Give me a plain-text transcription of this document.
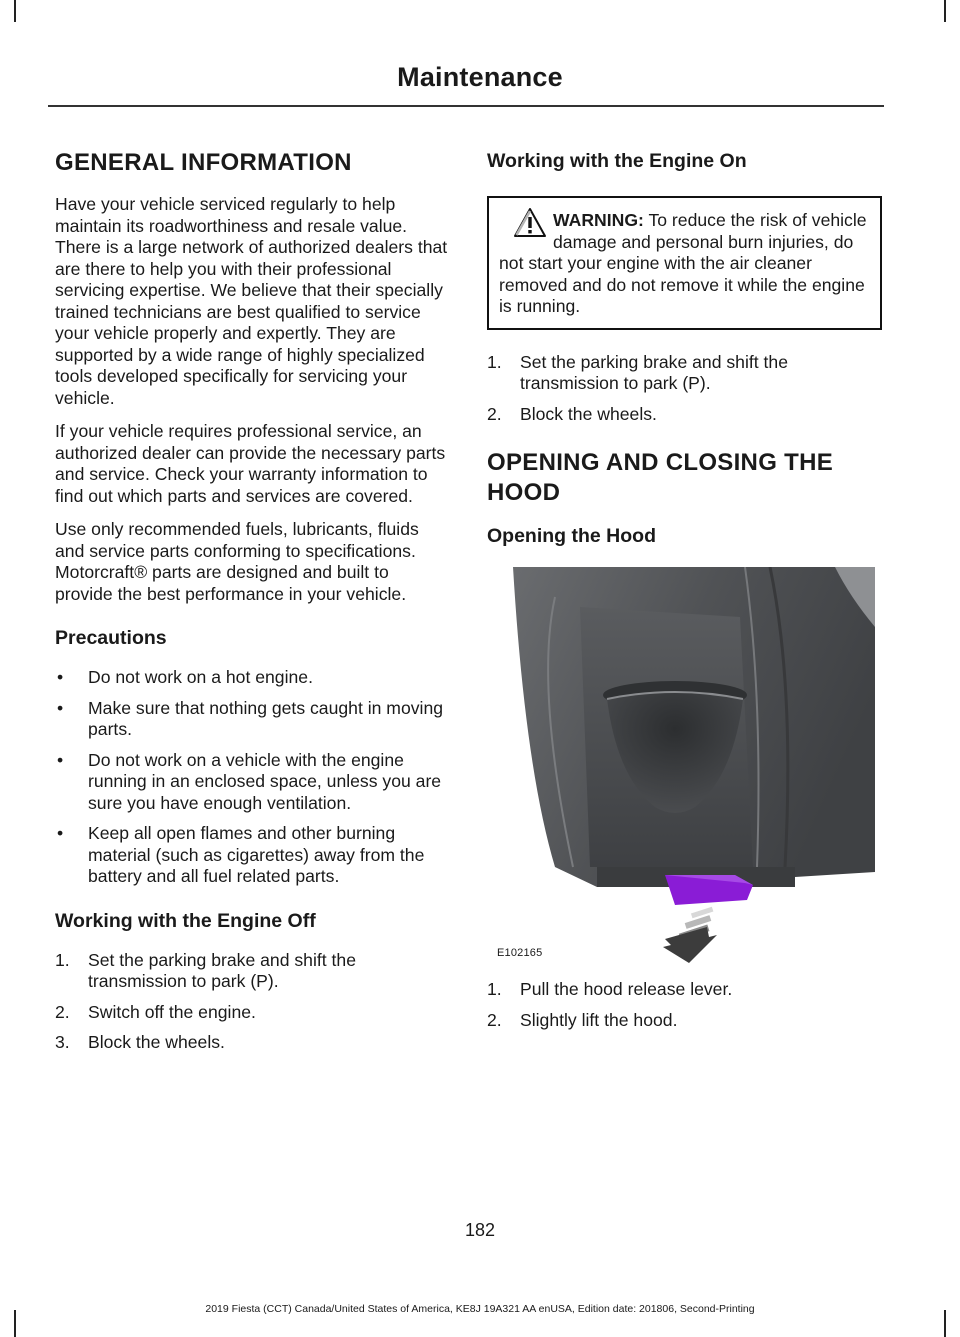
Maintenance
GENERAL INFORMATION

Have your vehicle serviced regularly to help maintain its roadworthiness and resale value. There is a large network of authorized dealers that are there to help you with their professional servicing expertise. We believe that their specially trained technicians are best qualified to service your vehicle properly and expertly. They are supported by a wide range of highly specialized tools developed specifically for servicing your vehicle.

If your vehicle requires professional service, an authorized dealer can provide the necessary parts and service. Check your warranty information to find out which parts and services are covered.

Use only recommended fuels, lubricants, fluids and service parts conforming to specifications. Motorcraft® parts are designed and built to provide the best performance in your vehicle.

Precautions
• Do not work on a hot engine.
• Make sure that nothing gets caught in moving parts.
• Do not work on a vehicle with the engine running in an enclosed space, unless you are sure you have enough ventilation.
• Keep all open flames and other burning material (such as cigarettes) away from the battery and all fuel related parts.
Working with the Engine Off
1. Set the parking brake and shift the transmission to park (P).
2. Switch off the engine.
3. Block the wheels.
Working with the Engine On
WARNING: To reduce the risk of vehicle damage and personal burn injuries, do not start your engine with the air cleaner removed and do not remove it while the engine is running.
1. Set the parking brake and shift the transmission to park (P).
2. Block the wheels.
OPENING AND CLOSING THE
HOOD
Opening the Hood
E102165
1. Pull the hood release lever.
2. Slightly lift the hood.
182
2019 Fiesta (CCT) Canada/United States of America, KE8J 19A321 AA enUSA, Edition date: 201806, Second-Printing
